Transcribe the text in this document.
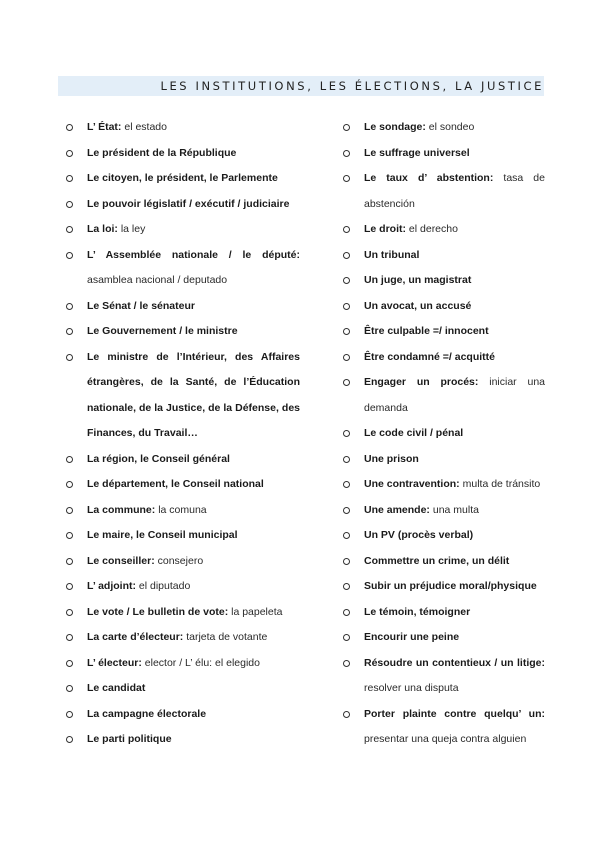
LES INSTITUTIONS, LES ÉLECTIONS, LA JUSTICE
L’ État: el estado
Le président de la République
Le citoyen, le président, le Parlemente
Le pouvoir législatif / exécutif / judiciaire
La loi: la ley
L’ Assemblée nationale / le député: asamblea nacional / deputado
Le Sénat / le sénateur
Le Gouvernement / le ministre
Le ministre de l’Intérieur, des Affaires étrangères, de la Santé, de l’Éducation nationale, de la Justice, de la Défense, des Finances, du Travail…
La région, le Conseil général
Le département, le Conseil national
La commune: la comuna
Le maire, le Conseil municipal
Le conseiller: consejero
L’ adjoint: el diputado
Le vote / Le bulletin de vote: la papeleta
La carte d’électeur: tarjeta de votante
L’ électeur: elector / L’ élu: el elegido
Le candidat
La campagne électorale
Le parti politique
Le sondage: el sondeo
Le suffrage universel
Le taux d’ abstention: tasa de abstención
Le droit: el derecho
Un tribunal
Un juge, un magistrat
Un avocat, un accusé
Être culpable =/ innocent
Être condamné =/ acquitté
Engager un procés: iniciar una demanda
Le code civil / pénal
Une prison
Une contravention: multa de tránsito
Une amende: una multa
Un PV (procès verbal)
Commettre un crime, un délit
Subir un préjudice moral/physique
Le témoin, témoigner
Encourir une peine
Résoudre un contentieux / un litige: resolver una disputa
Porter plainte contre quelqu’ un: presentar una queja contra alguien
